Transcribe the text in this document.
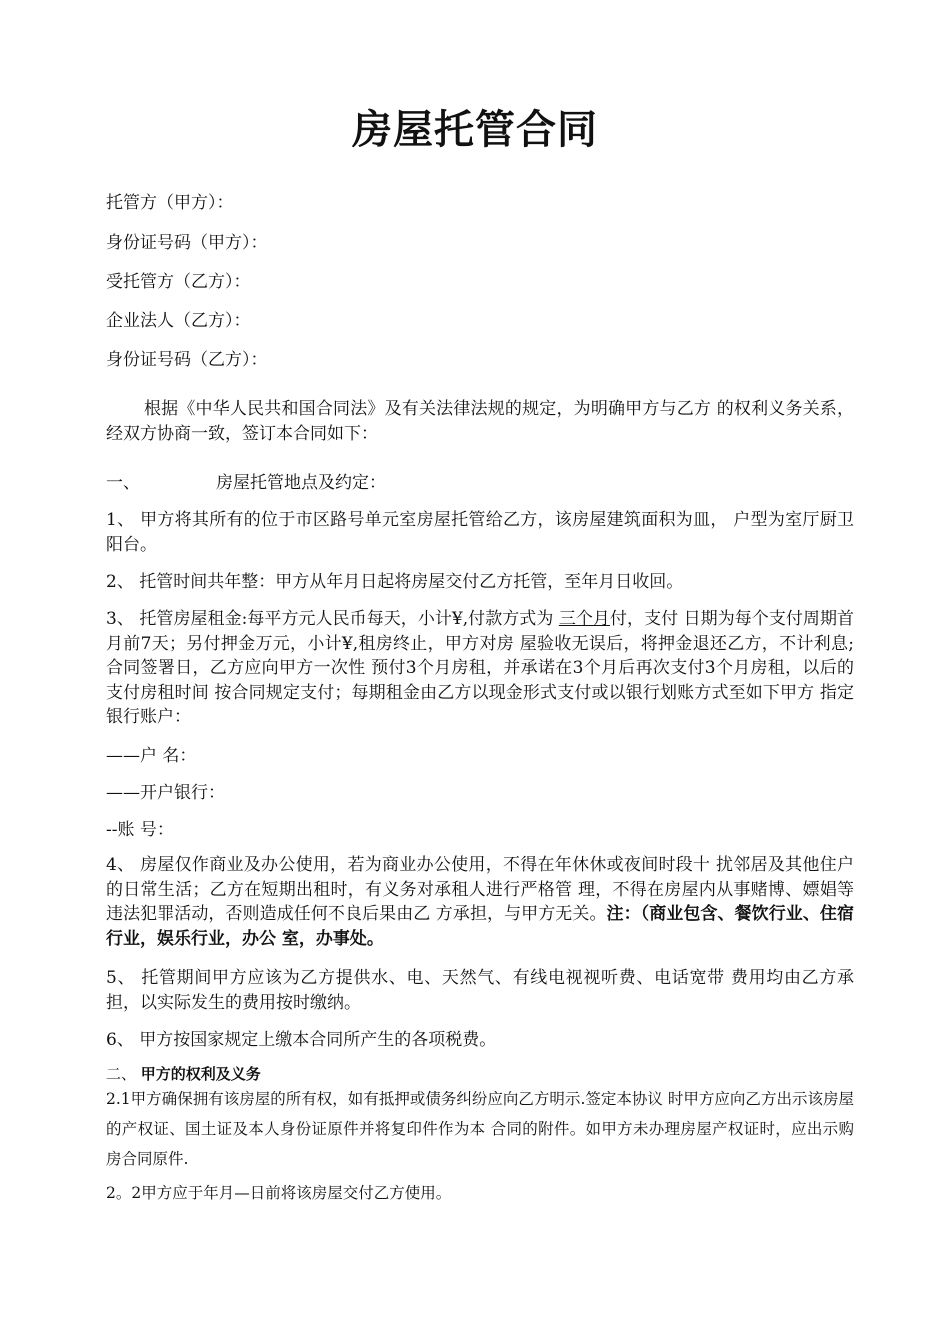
房屋托管合同
托管方（甲方）：
身份证号码（甲方）：
受托管方（乙方）：
企业法人（乙方）：
身份证号码（乙方）：
根据《中华人民共和国合同法》及有关法律法规的规定，为明确甲方与乙方 的权利义务关系，经双方协商一致，签订本合同如下：
一、	房屋托管地点及约定：
1、 甲方将其所有的位于市区路号单元室房屋托管给乙方，该房屋建筑面积为皿， 户型为室厅厨卫阳台。
2、 托管时间共年整：甲方从年月日起将房屋交付乙方托管，至年月日收回。
3、 托管房屋租金:每平方元人民币每天，小计¥,付款方式为 三个月付，支付 日期为每个支付周期首月前7天；另付押金万元，小计¥,租房终止，甲方对房 屋验收无误后，将押金退还乙方，不计利息;合同签署日，乙方应向甲方一次性 预付3个月房租，并承诺在3个月后再次支付3个月房租，以后的支付房租时间 按合同规定支付；每期租金由乙方以现金形式支付或以银行划账方式至如下甲方 指定银行账户：
——户 名：
——开户银行：
--账 号：
4、 房屋仅作商业及办公使用，若为商业办公使用，不得在年休休或夜间时段十 扰邻居及其他住户的日常生活；乙方在短期出租时，有义务对承租人进行严格管 理，不得在房屋内从事赌博、嫖娼等违法犯罪活动，否则造成任何不良后果由乙 方承担，与甲方无关。注：（商业包含、餐饮行业、住宿行业，娱乐行业，办公 室，办事处。
5、 托管期间甲方应该为乙方提供水、电、天然气、有线电视视听费、电话宽带 费用均由乙方承担，以实际发生的费用按时缴纳。
6、 甲方按国家规定上缴本合同所产生的各项税费。
二、 甲方的权利及义务
2.1甲方确保拥有该房屋的所有权，如有抵押或债务纠纷应向乙方明示.签定本协议 时甲方应向乙方出示该房屋的产权证、国土证及本人身份证原件并将复印件作为本 合同的附件。如甲方未办理房屋产权证时，应出示购房合同原件.
2。2甲方应于年月—日前将该房屋交付乙方使用。
